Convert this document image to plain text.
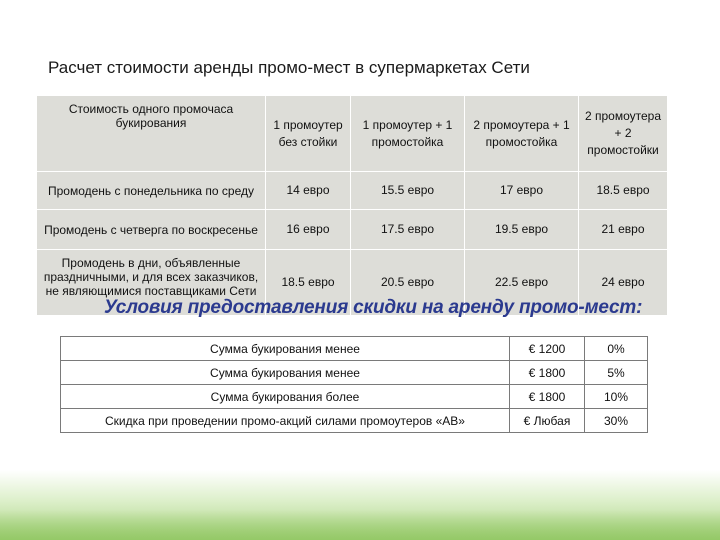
Расчет стоимости аренды промо-мест в супермаркетах Сети
Стоимость одного промочаса букирования	1 промоутер без стойки	1 промоутер + 1 промостойка	2 промоутера + 1 промостойка	2 промоутера + 2 промостойки
Промодень с понедельника по среду	14 евро	15.5 евро	17 евро	18.5 евро
Промодень с четверга по воскресенье	16 евро	17.5 евро	19.5 евро	21 евро
Промодень в дни, объявленные праздничными, и для всех заказчиков, не являющимися поставщиками Сети	18.5 евро	20.5 евро	22.5 евро	24 евро
Условия предоставления скидки на аренду промо-мест:
Сумма букирования менее	€ 1200	0%
Сумма букирования менее	€ 1800	5%
Сумма букирования более	€ 1800	10%
Скидка при проведении промо-акций силами промоутеров «АВ»	€ Любая	30%
